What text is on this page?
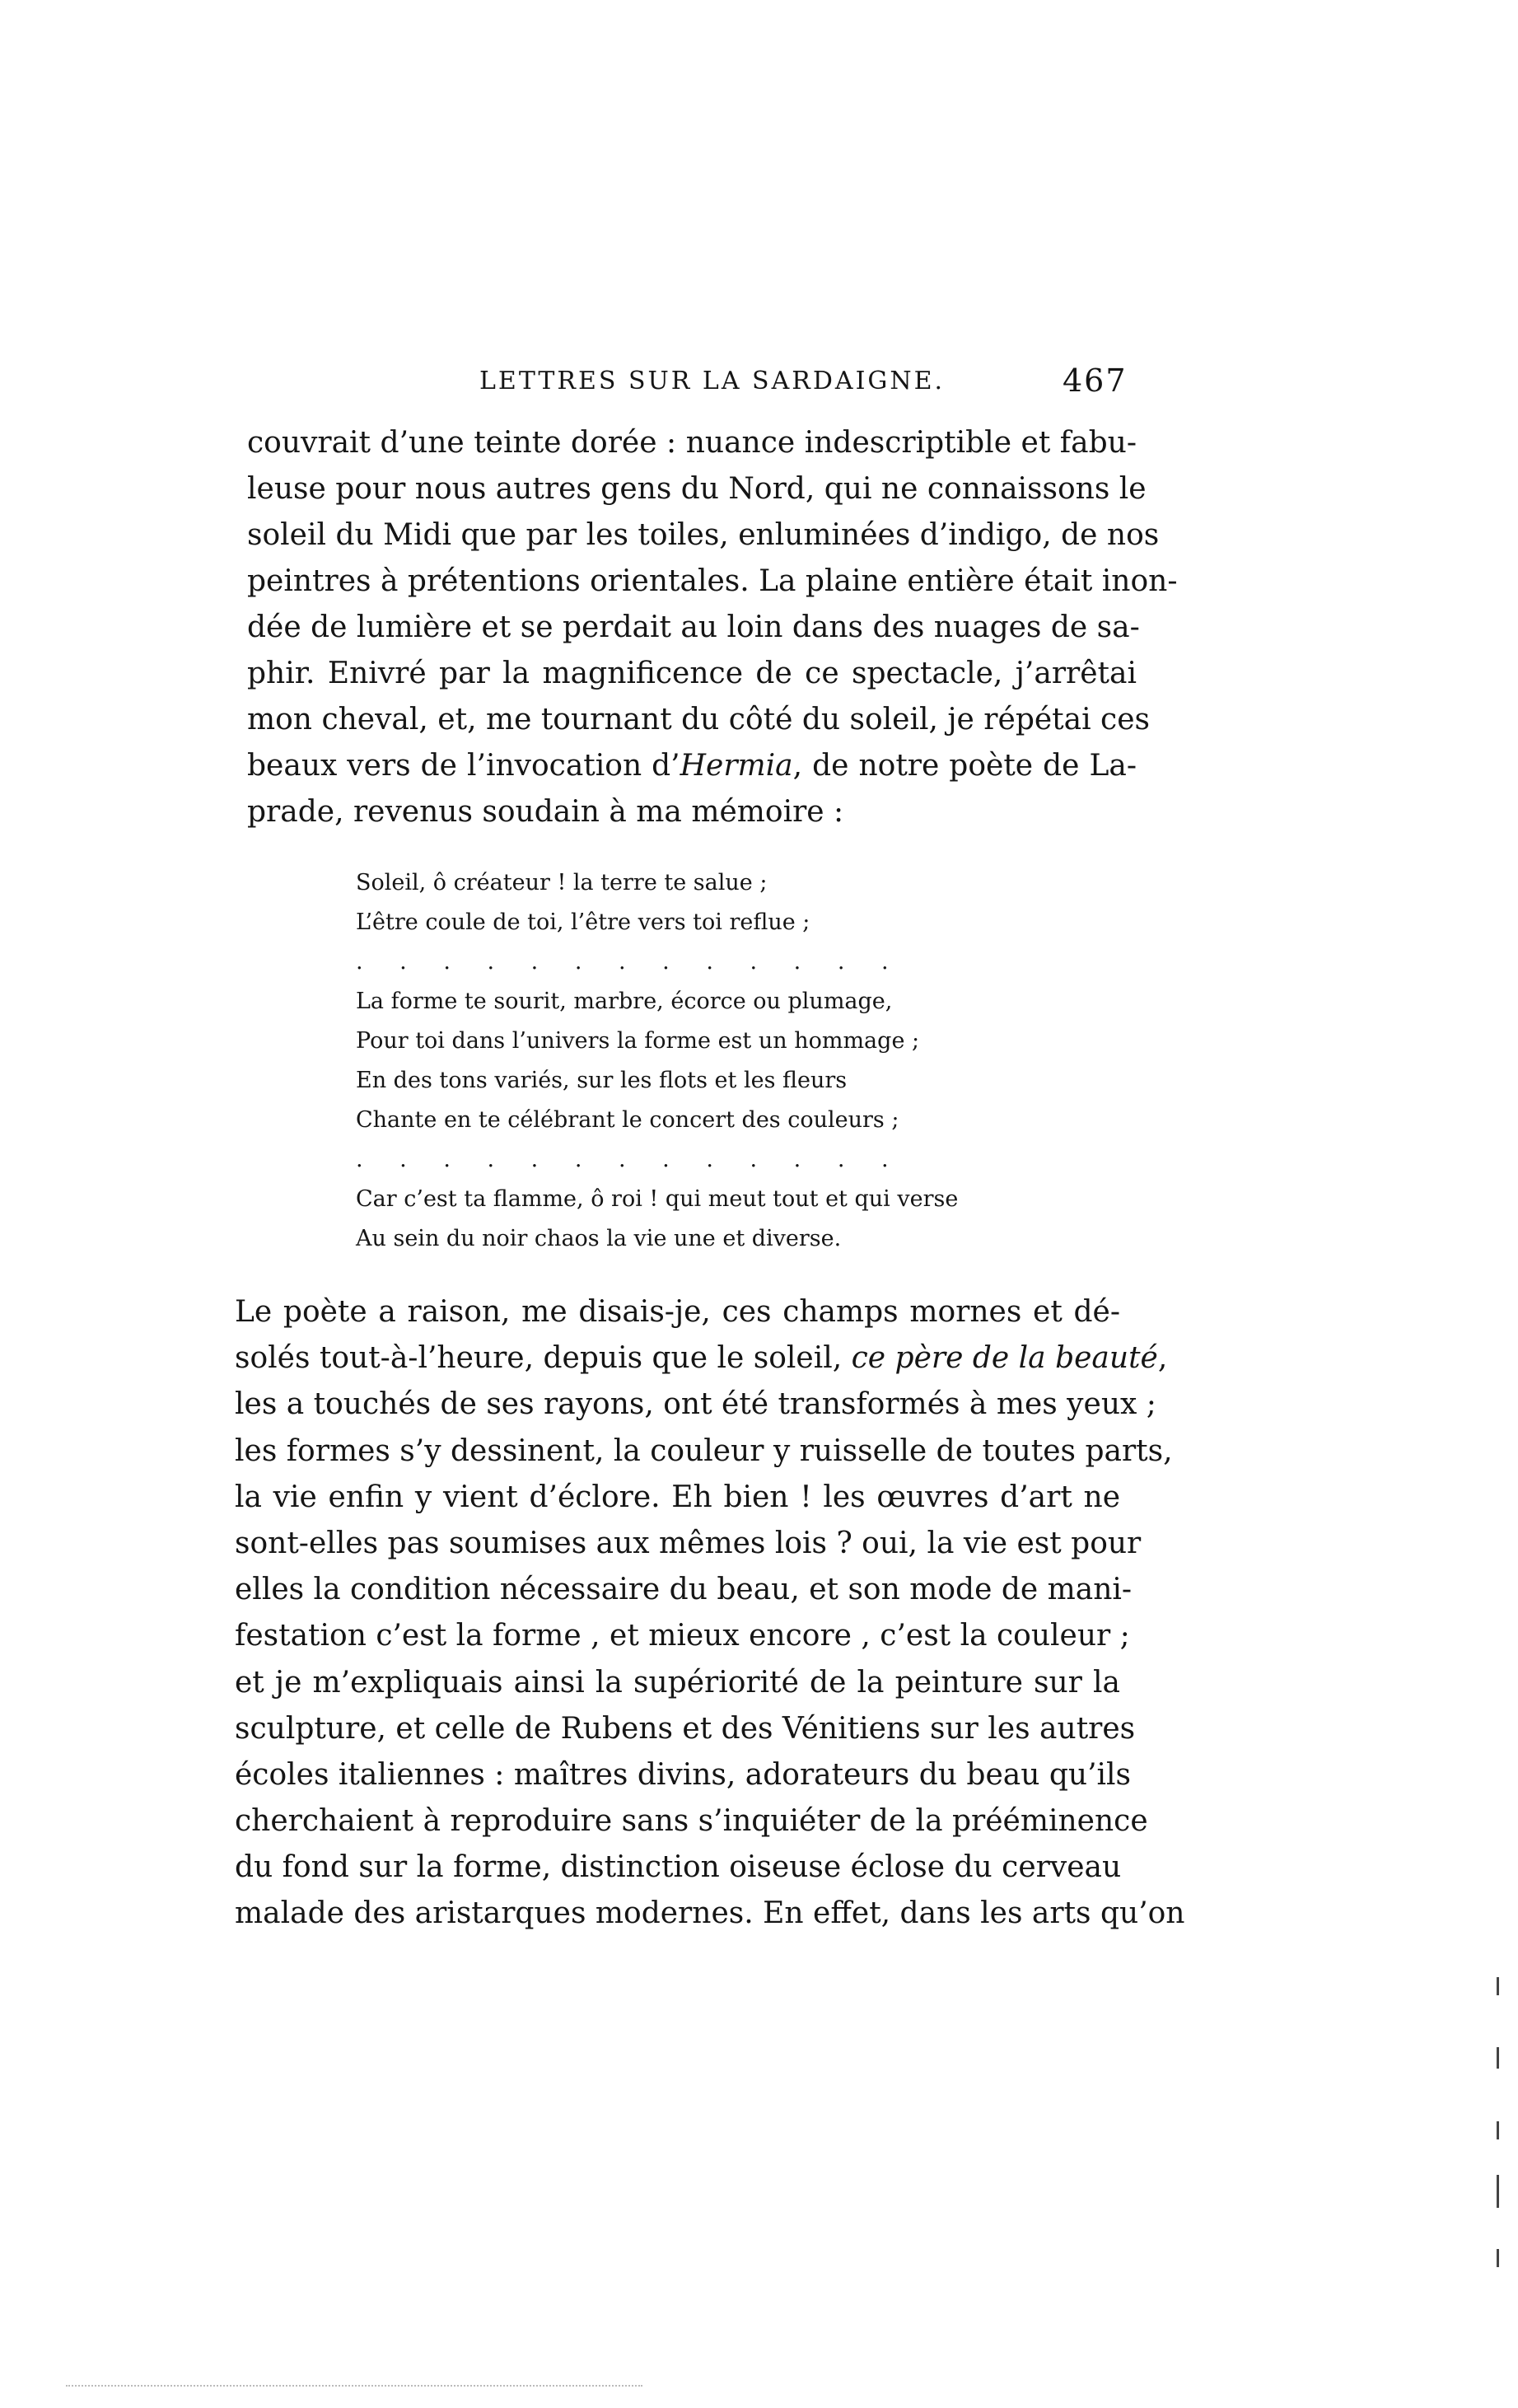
LETTRES SUR LA SARDAIGNE.	467
couvrait d’une teinte dorée : nuance indescriptible et fabu-
leuse pour nous autres gens du Nord, qui ne connaissons le
soleil du Midi que par les toiles, enluminées d’indigo, de nos
peintres à prétentions orientales. La plaine entière était inon-
dée de lumière et se perdait au loin dans des nuages de sa-
phir. Enivré par la magnificence de ce spectacle, j’arrêtai
mon cheval, et, me tournant du côté du soleil, je répétai ces
beaux vers de l’invocation d’Hermia, de notre poète de La-
prade, revenus soudain à ma mémoire :
Soleil, ô créateur ! la terre te salue ;
L’être coule de toi, l’être vers toi reflue ;
. . . . . . . . . . . . .
La forme te sourit, marbre, écorce ou plumage,
Pour toi dans l’univers la forme est un hommage ;
En des tons variés, sur les flots et les fleurs
Chante en te célébrant le concert des couleurs ;
. . . . . . . . . . . . .
Car c’est ta flamme, ô roi ! qui meut tout et qui verse
Au sein du noir chaos la vie une et diverse.
Le poète a raison, me disais-je, ces champs mornes et dé-
solés tout-à-l’heure, depuis que le soleil, ce père de la beauté,
les a touchés de ses rayons, ont été transformés à mes yeux ;
les formes s’y dessinent, la couleur y ruisselle de toutes parts,
la vie enfin y vient d’éclore. Eh bien ! les œuvres d’art ne
sont-elles pas soumises aux mêmes lois ? oui, la vie est pour
elles la condition nécessaire du beau, et son mode de mani-
festation c’est la forme , et mieux encore , c’est la couleur ;
et je m’expliquais ainsi la supériorité de la peinture sur la
sculpture, et celle de Rubens et des Vénitiens sur les autres
écoles italiennes : maîtres divins, adorateurs du beau qu’ils
cherchaient à reproduire sans s’inquiéter de la prééminence
du fond sur la forme, distinction oiseuse éclose du cerveau
malade des aristarques modernes. En effet, dans les arts qu’on
